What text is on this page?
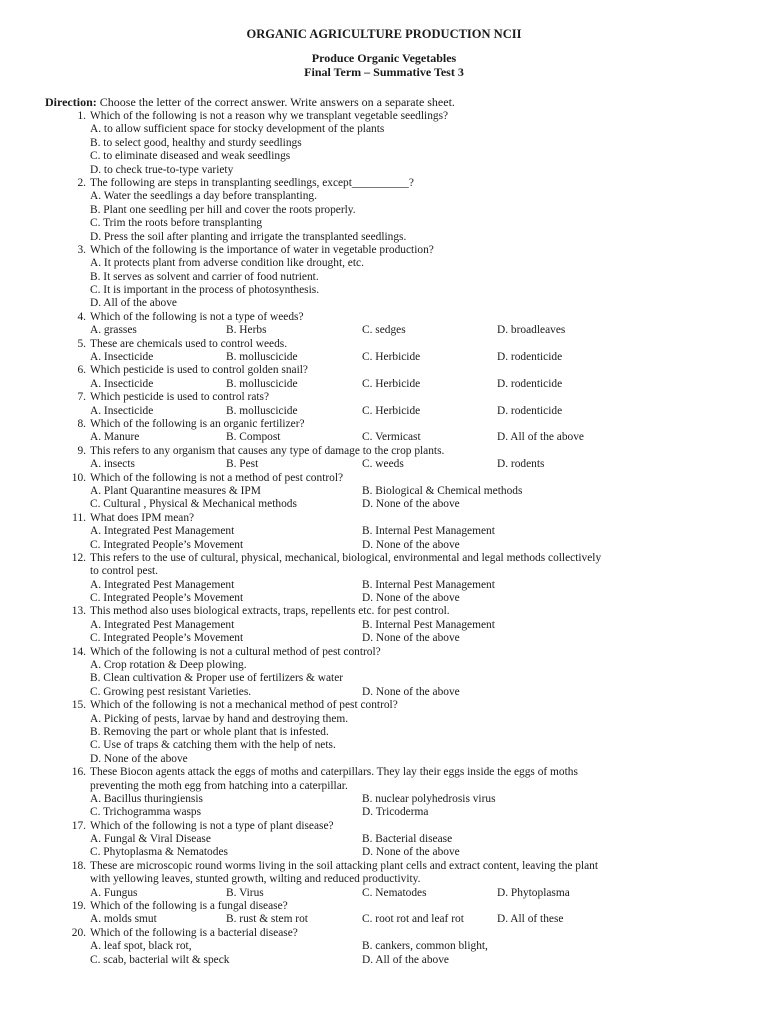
ORGANIC AGRICULTURE PRODUCTION NCII
Produce Organic Vegetables
Final Term – Summative Test 3
Direction: Choose the letter of the correct answer. Write answers on a separate sheet.
1. Which of the following is not a reason why we transplant vegetable seedlings?
A. to allow sufficient space for stocky development of the plants
B. to select good, healthy and sturdy seedlings
C. to eliminate diseased and weak seedlings
D. to check true-to-type variety
2. The following are steps in transplanting seedlings, except__________?
A. Water the seedlings a day before transplanting.
B. Plant one seedling per hill and cover the roots properly.
C. Trim the roots before transplanting
D. Press the soil after planting and irrigate the transplanted seedlings.
3. Which of the following is the importance of water in vegetable production?
A. It protects plant from adverse condition like drought, etc.
B. It serves as solvent and carrier of food nutrient.
C. It is important in the process of photosynthesis.
D. All of the above
4. Which of the following is not a type of weeds?
A. grasses	B. Herbs	C. sedges	D. broadleaves
5. These are chemicals used to control weeds.
A. Insecticide	B. molluscicide	C. Herbicide	D. rodenticide
6. Which pesticide is used to control golden snail?
A. Insecticide	B. molluscicide	C. Herbicide	D. rodenticide
7. Which pesticide is used to control rats?
A. Insecticide	B. molluscicide	C. Herbicide	D. rodenticide
8. Which of the following is an organic fertilizer?
A. Manure	B. Compost	C. Vermicast	D. All of the above
9. This refers to any organism that causes any type of damage to the crop plants.
A. insects	B. Pest	C. weeds	D. rodents
10. Which of the following is not a method of pest control?
A. Plant Quarantine measures & IPM	B. Biological & Chemical methods
C. Cultural , Physical & Mechanical methods	D. None of the above
11. What does IPM mean?
A. Integrated Pest Management	B. Internal Pest Management
C. Integrated People’s Movement	D. None of the above
12. This refers to the use of cultural, physical, mechanical, biological, environmental and legal methods collectively
to control pest.
A. Integrated Pest Management	B. Internal Pest Management
C. Integrated People’s Movement	D. None of the above
13. This method also uses biological extracts, traps, repellents etc. for pest control.
A. Integrated Pest Management	B. Internal Pest Management
C. Integrated People’s Movement	D. None of the above
14. Which of the following is not a cultural method of pest control?
A. Crop rotation & Deep plowing.
B. Clean cultivation & Proper use of fertilizers & water
C. Growing pest resistant Varieties.	D. None of the above
15. Which of the following is not a mechanical method of pest control?
A. Picking of pests, larvae by hand and destroying them.
B. Removing the part or whole plant that is infested.
C. Use of traps & catching them with the help of nets.
D. None of the above
16. These Biocon agents attack the eggs of moths and caterpillars. They lay their eggs inside the eggs of moths
preventing the moth egg from hatching into a caterpillar.
A. Bacillus thuringiensis	B. nuclear polyhedrosis virus
C. Trichogramma wasps	D. Tricoderma
17. Which of the following is not a type of plant disease?
A. Fungal & Viral Disease	B. Bacterial disease
C. Phytoplasma & Nematodes	D. None of the above
18. These are microscopic round worms living in the soil attacking plant cells and extract content, leaving the plant
with yellowing leaves, stunted growth, wilting and reduced productivity.
A. Fungus	B. Virus	C. Nematodes	D. Phytoplasma
19. Which of the following is a fungal disease?
A. molds smut	B. rust & stem rot	C. root rot and leaf rot	D. All of these
20. Which of the following is a bacterial disease?
A. leaf spot, black rot,	B. cankers, common blight,
C. scab, bacterial wilt & speck	D. All of the above
